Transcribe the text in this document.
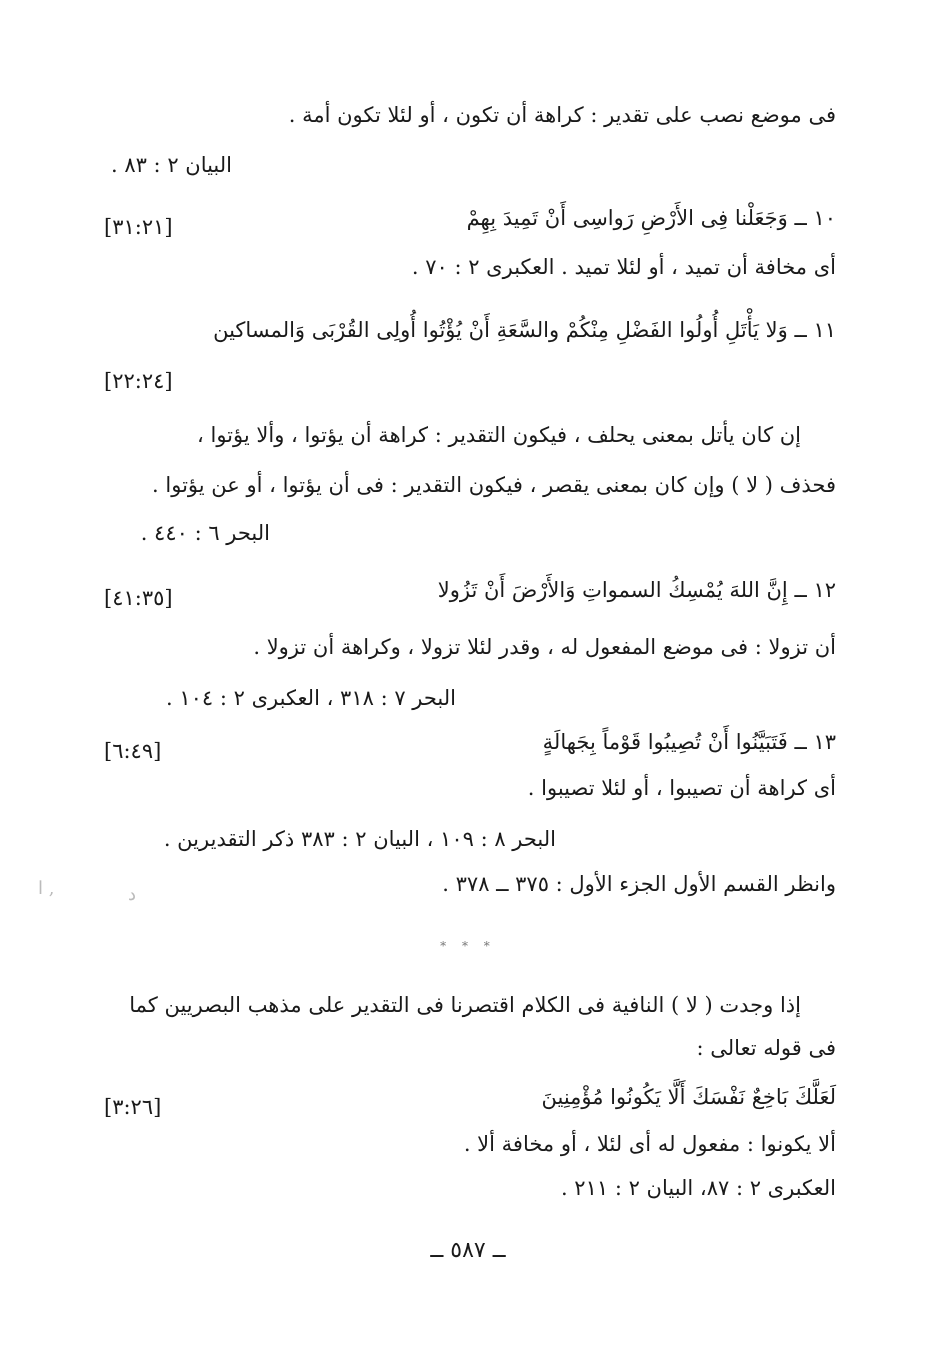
فى موضع نصب على تقدير : كراهة أن تكون ، أو لئلا تكون أمة .
البيان ٢ : ٨٣ .
١٠ ــ وَجَعَلْنا فِى الأَرْضِ رَواسِى أَنْ تَمِيدَ بِهِمْ
[٣١:٢١]
أى مخافة أن تميد ، أو لئلا تميد . العكبرى ٢ : ٧٠ .
١١ ــ وَلا يَأْتَلِ أُولُوا الفَضْلِ مِنْكُمْ والسَّعَةِ أَنْ يُؤْتُوا أُولِى القُرْبَى وَالمساكين
[٢٢:٢٤]
إن كان يأتل بمعنى يحلف ، فيكون التقدير : كراهة أن يؤتوا ، وألا يؤتوا ،
فحذف ( لا ) وإن كان بمعنى يقصر ، فيكون التقدير : فى أن يؤتوا ، أو عن يؤتوا .
البحر ٦ : ٤٤٠ .
١٢ ــ إِنَّ اللهَ يُمْسِكُ السمواتِ وَالأَرْضَ أَنْ تَزُولا
[٤١:٣٥]
أن تزولا : فى موضع المفعول له ، وقدر لئلا تزولا ، وكراهة أن تزولا .
البحر ٧ : ٣١٨ ، العكبرى ٢ : ١٠٤ .
١٣ ــ فَتَبَيَّنُوا أَنْ تُصِيبُوا قَوْماً بِجَهالَةٍ
[٦:٤٩]
أى كراهة أن تصيبوا ، أو لئلا تصيبوا .
البحر ٨ : ١٠٩ ، البيان ٢ : ٣٨٣ ذكر التقديرين .
وانظر القسم الأول الجزء الأول : ٣٧٥ ــ ٣٧٨ .
ا ,	ﺩ
* * *
إذا وجدت ( لا ) النافية فى الكلام اقتصرنا فى التقدير على مذهب البصريين كما
فى قوله تعالى :
لَعَلَّكَ بَاخِعٌ نَفْسَكَ أَلَّا يَكُونُوا مُؤْمِنِينَ
[٣:٢٦]
ألا يكونوا : مفعول له أى لئلا ، أو مخافة ألا .
العكبرى ٢ : ٨٧، البيان ٢ : ٢١١ .
ــ ٥٨٧ ــ
